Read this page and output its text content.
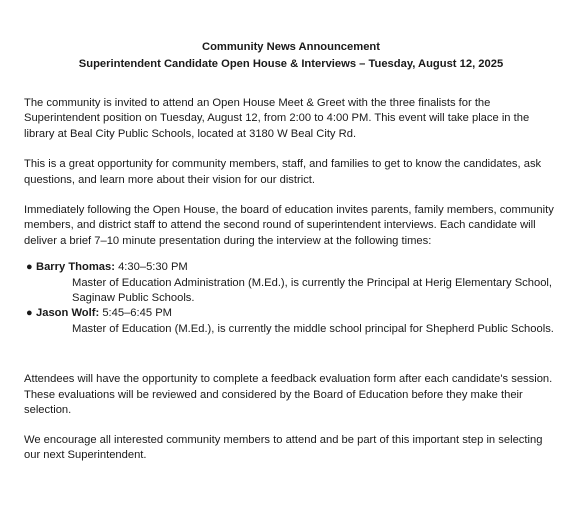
Community News Announcement

Superintendent Candidate Open House & Interviews – Tuesday, August 12, 2025

The community is invited to attend an Open House Meet & Greet with the three finalists for the Superintendent position on Tuesday, August 12, from 2:00 to 4:00 PM. This event will take place in the library at Beal City Public Schools, located at 3180 W Beal City Rd.

This is a great opportunity for community members, staff, and families to get to know the candidates, ask questions, and learn more about their vision for our district.

Immediately following the Open House, the board of education invites parents, family members, community members, and district staff to attend the second round of superintendent interviews. Each candidate will deliver a brief 7–10 minute presentation during the interview at the following times:

● Barry Thomas:
4:30–5:30 PM

Master of Education Administration (M.Ed.), is currently the Principal at Herig Elementary School, Saginaw Public Schools.

● Jason Wolf:
5:45–6:45 PM

Master of Education (M.Ed.), is currently the middle school principal for Shepherd Public Schools.

Attendees will have the opportunity to complete a feedback evaluation form after each candidate's session. These evaluations will be reviewed and considered by the Board of Education before they make their selection.

We encourage all interested community members to attend and be part of this important step in selecting our next Superintendent.
